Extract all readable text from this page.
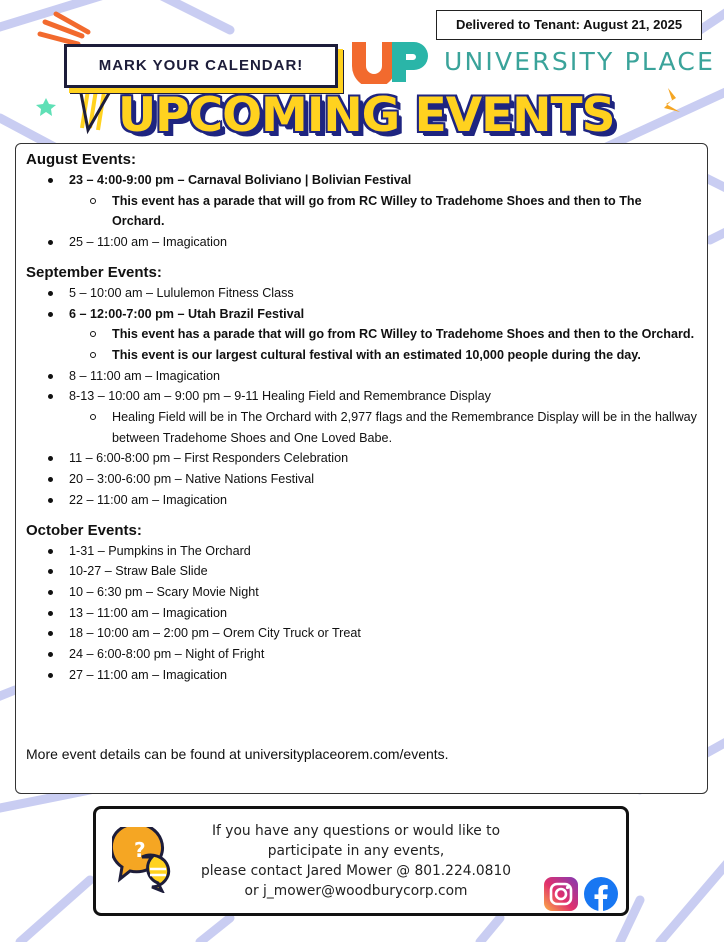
Delivered to Tenant: August 21, 2025
UNIVERSITY PLACE
MARK YOUR CALENDAR!
UPCOMING EVENTS

August Events:

23 – 4:00-9:00 pm – Carnaval Boliviano | Bolivian Festival
This event has a parade that will go from RC Willey to Tradehome Shoes and then to The Orchard.
25 – 11:00 am – Imagication

September Events:

5 – 10:00 am – Lululemon Fitness Class
6 – 12:00-7:00 pm – Utah Brazil Festival
This event has a parade that will go from RC Willey to Tradehome Shoes and then to the Orchard.
This event is our largest cultural festival with an estimated 10,000 people during the day.
8 – 11:00 am – Imagication
8-13 – 10:00 am – 9:00 pm – 9-11 Healing Field and Remembrance Display
Healing Field will be in The Orchard with 2,977 flags and the Remembrance Display will be in the hallway between Tradehome Shoes and One Loved Babe.
11 – 6:00-8:00 pm – First Responders Celebration
20 – 3:00-6:00 pm – Native Nations Festival
22 – 11:00 am – Imagication

October Events:

1-31 – Pumpkins in The Orchard
10-27 – Straw Bale Slide
10 – 6:30 pm – Scary Movie Night
13 – 11:00 am – Imagication
18 – 10:00 am – 2:00 pm – Orem City Truck or Treat
24 – 6:00-8:00 pm – Night of Fright
27 – 11:00 am – Imagication
More event details can be found at universityplaceorem.com/events.
?
If you have any questions or would like to
participate in any events,
please contact Jared Mower @ 801.224.0810
or j_mower@woodburycorp.com
